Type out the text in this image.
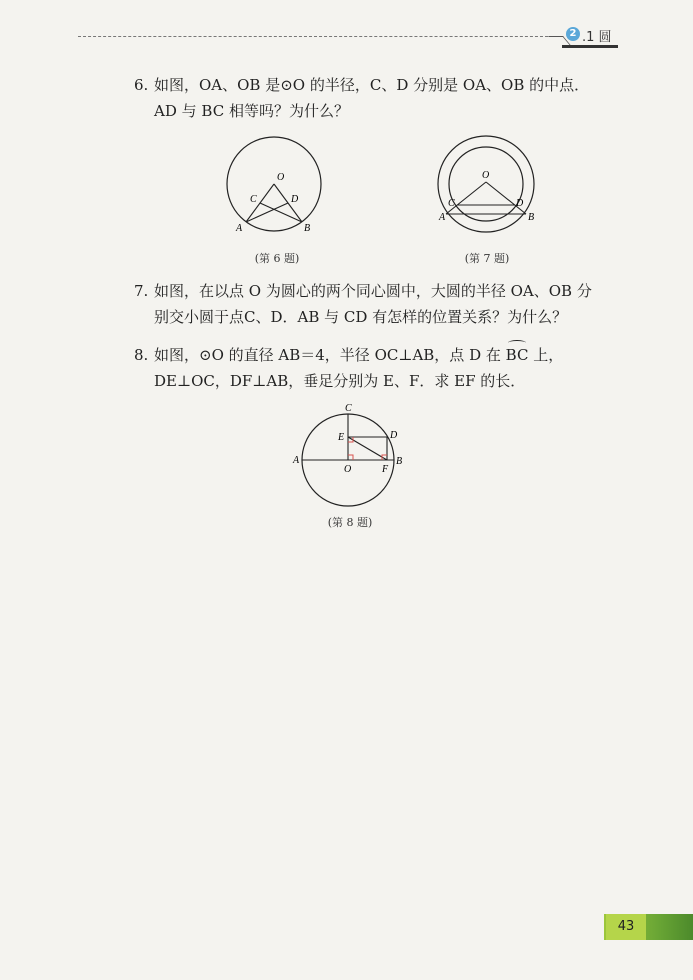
2 .1 圆
6. 如图，OA、OB 是⊙O 的半径，C、D 分别是 OA、OB 的中点．
AD 与 BC 相等吗？为什么？
O
A	B
C	D
(第 6 题)
O
A	B
C	D
(第 7 题)
7. 如图，在以点 O 为圆心的两个同心圆中，大圆的半径 OA、OB 分
别交小圆于点C、D．AB 与 CD 有怎样的位置关系？为什么？
8. 如图，⊙O 的直径 AB＝4，半径 OC⊥AB，点 D 在 BC 上，
DE⊥OC，DF⊥AB，垂足分别为 E、F．求 EF 的长．
C
E	D
A
O	F
B
(第 8 题)
43
